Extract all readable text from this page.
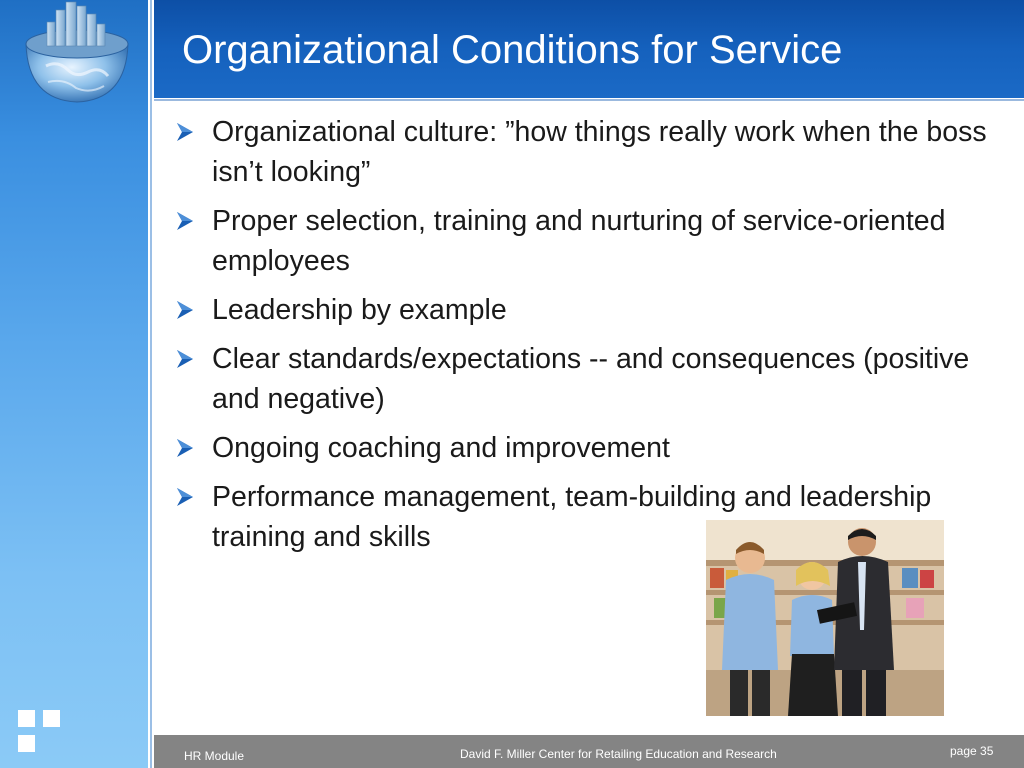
Organizational Conditions for Service
Organizational culture: ”how things really work when the boss isn’t looking”
Proper selection, training and nurturing of service-oriented employees
Leadership by example
Clear standards/expectations -- and consequences (positive and negative)
Ongoing coaching and improvement
Performance management, team-building and leadership training and skills
HR Module	David F. Miller Center for Retailing Education and Research	page 35
